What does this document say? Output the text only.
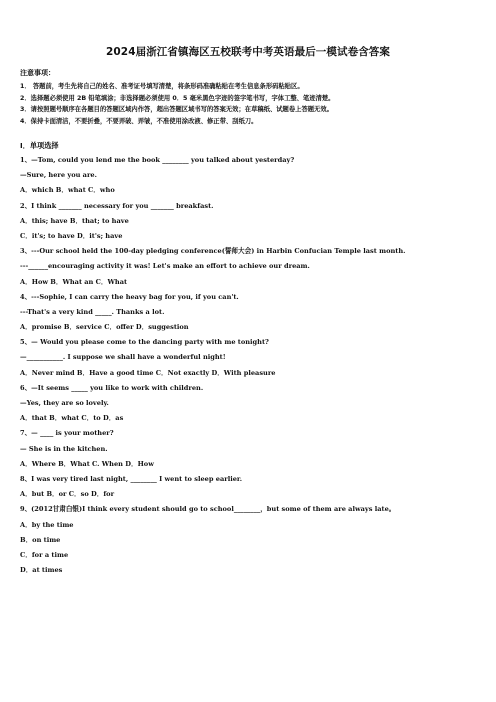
2024届浙江省镇海区五校联考中考英语最后一模试卷含答案
注意事项：
1． 答题前，考生先将自己的姓名、准考证号填写清楚，将条形码准确粘贴在考生信息条形码粘贴区。
2．选择题必须使用 2B 铅笔填涂；非选择题必须使用 0．5 毫米黑色字迹的签字笔书写，字体工整、笔迹清楚。
3．请按照题号顺序在各题目的答题区域内作答，超出答题区域书写的答案无效；在草稿纸、试题卷上答题无效。
4．保持卡面清洁，不要折叠，不要弄破、弄皱，不准使用涂改液、修正带、刮纸刀。
Ⅰ．单项选择
1、—Tom, could you lend me the book ________ you talked about yesterday?
—Sure, here you are.
A．which B．what C．who
2、I think _______ necessary for you _______ breakfast.
A．this; have B．that; to have
C．it's; to have D．it's; have
3、---Our school held the 100-day pledging conference(誓师大会) in Harbin Confucian Temple last month.
---______encouraging activity it was! Let's make an effort to achieve our dream.
A．How B．What an C．What
4、---Sophie, I can carry the heavy bag for you, if you can't.
---That's a very kind _____. Thanks a lot.
A．promise B．service C．offer D．suggestion
5、— Would you please come to the dancing party with me tonight?
—___________. I suppose we shall have a wonderful night!
A．Never mind B．Have a good time C．Not exactly D．With pleasure
6、—It seems _____ you like to work with children.
—Yes, they are so lovely.
A．that B．what C．to D．as
7、— ____ is your mother?
— She is in the kitchen.
A．Where B．What C. When D．How
8、I was very tired last night, ________ I went to sleep earlier.
A．but B．or C．so D．for
9、(2012甘肃白银)I think every student should go to school________，but some of them are always late。
A．by the time
B．on time
C．for a time
D．at times
